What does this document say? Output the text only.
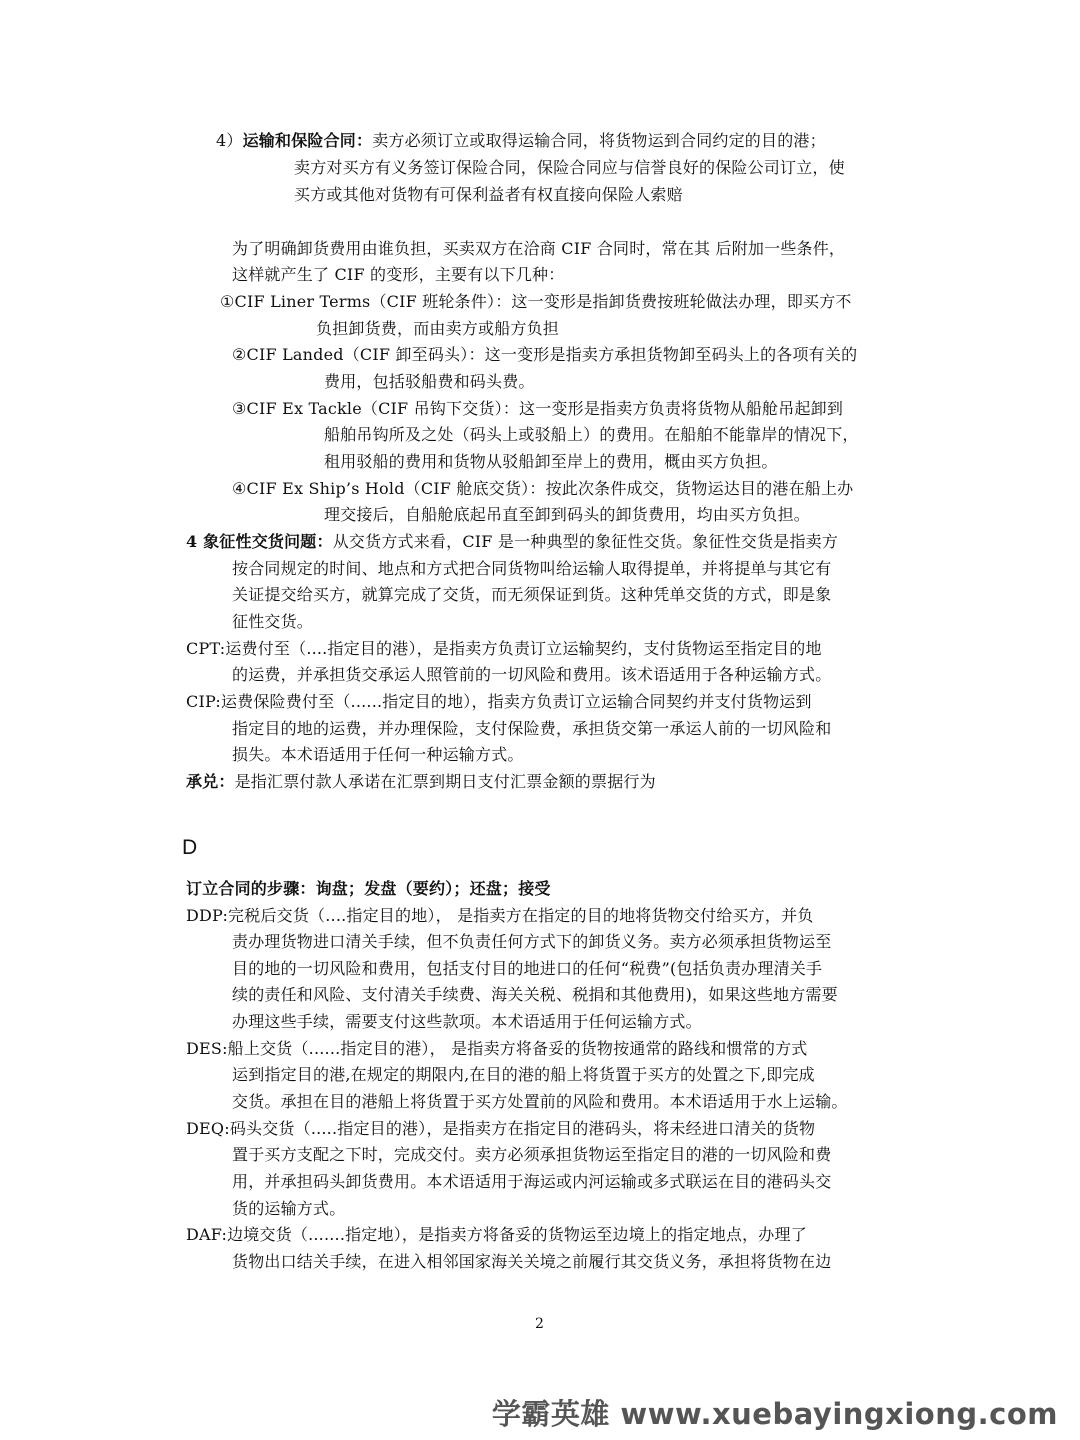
4）运输和保险合同：卖方必须订立或取得运输合同，将货物运到合同约定的目的港；
卖方对买方有义务签订保险合同，保险合同应与信誉良好的保险公司订立，使
买方或其他对货物有可保利益者有权直接向保险人索赔
为了明确卸货费用由谁负担，买卖双方在洽商 CIF 合同时，常在其 后附加一些条件，
这样就产生了 CIF 的变形，主要有以下几种：
①CIF Liner Terms（CIF 班轮条件）：这一变形是指卸货费按班轮做法办理，即买方不
负担卸货费，而由卖方或船方负担
②CIF Landed（CIF 卸至码头）：这一变形是指卖方承担货物卸至码头上的各项有关的
费用，包括驳船费和码头费。
③CIF Ex Tackle（CIF 吊钩下交货）：这一变形是指卖方负责将货物从船舱吊起卸到
船舶吊钩所及之处（码头上或驳船上）的费用。在船舶不能靠岸的情况下，
租用驳船的费用和货物从驳船卸至岸上的费用，概由买方负担。
④CIF Ex Ship’s Hold（CIF 舱底交货）：按此次条件成交，货物运达目的港在船上办
理交接后，自船舱底起吊直至卸到码头的卸货费用，均由买方负担。
4 象征性交货问题：从交货方式来看，CIF 是一种典型的象征性交货。象征性交货是指卖方
按合同规定的时间、地点和方式把合同货物叫给运输人取得提单，并将提单与其它有
关证提交给买方，就算完成了交货，而无须保证到货。这种凭单交货的方式，即是象
征性交货。
CPT:运费付至（....指定目的港），是指卖方负责订立运输契约，支付货物运至指定目的地
的运费，并承担货交承运人照管前的一切风险和费用。该术语适用于各种运输方式。
CIP:运费保险费付至（......指定目的地），指卖方负责订立运输合同契约并支付货物运到
指定目的地的运费，并办理保险，支付保险费，承担货交第一承运人前的一切风险和
损失。本术语适用于任何一种运输方式。
承兑：是指汇票付款人承诺在汇票到期日支付汇票金额的票据行为
D
订立合同的步骤：询盘；发盘（要约）；还盘；接受
DDP:完税后交货（....指定目的地）， 是指卖方在指定的目的地将货物交付给买方，并负
责办理货物进口清关手续，但不负责任何方式下的卸货义务。卖方必须承担货物运至
目的地的一切风险和费用，包括支付目的地进口的任何“税费”(包括负责办理清关手
续的责任和风险、支付清关手续费、海关关税、税捐和其他费用)，如果这些地方需要
办理这些手续，需要支付这些款项。本术语适用于任何运输方式。
DES:船上交货（......指定目的港）， 是指卖方将备妥的货物按通常的路线和惯常的方式
运到指定目的港,在规定的期限内,在目的港的船上将货置于买方的处置之下,即完成
交货。承担在目的港船上将货置于买方处置前的风险和费用。本术语适用于水上运输。
DEQ:码头交货（.....指定目的港），是指卖方在指定目的港码头，将未经进口清关的货物
置于买方支配之下时，完成交付。卖方必须承担货物运至指定目的港的一切风险和费
用，并承担码头卸货费用。本术语适用于海运或内河运输或多式联运在目的港码头交
货的运输方式。
DAF:边境交货（.......指定地），是指卖方将备妥的货物运至边境上的指定地点，办理了
货物出口结关手续，在进入相邻国家海关关境之前履行其交货义务，承担将货物在边
2
学霸英雄 www.xuebayingxiong.com
